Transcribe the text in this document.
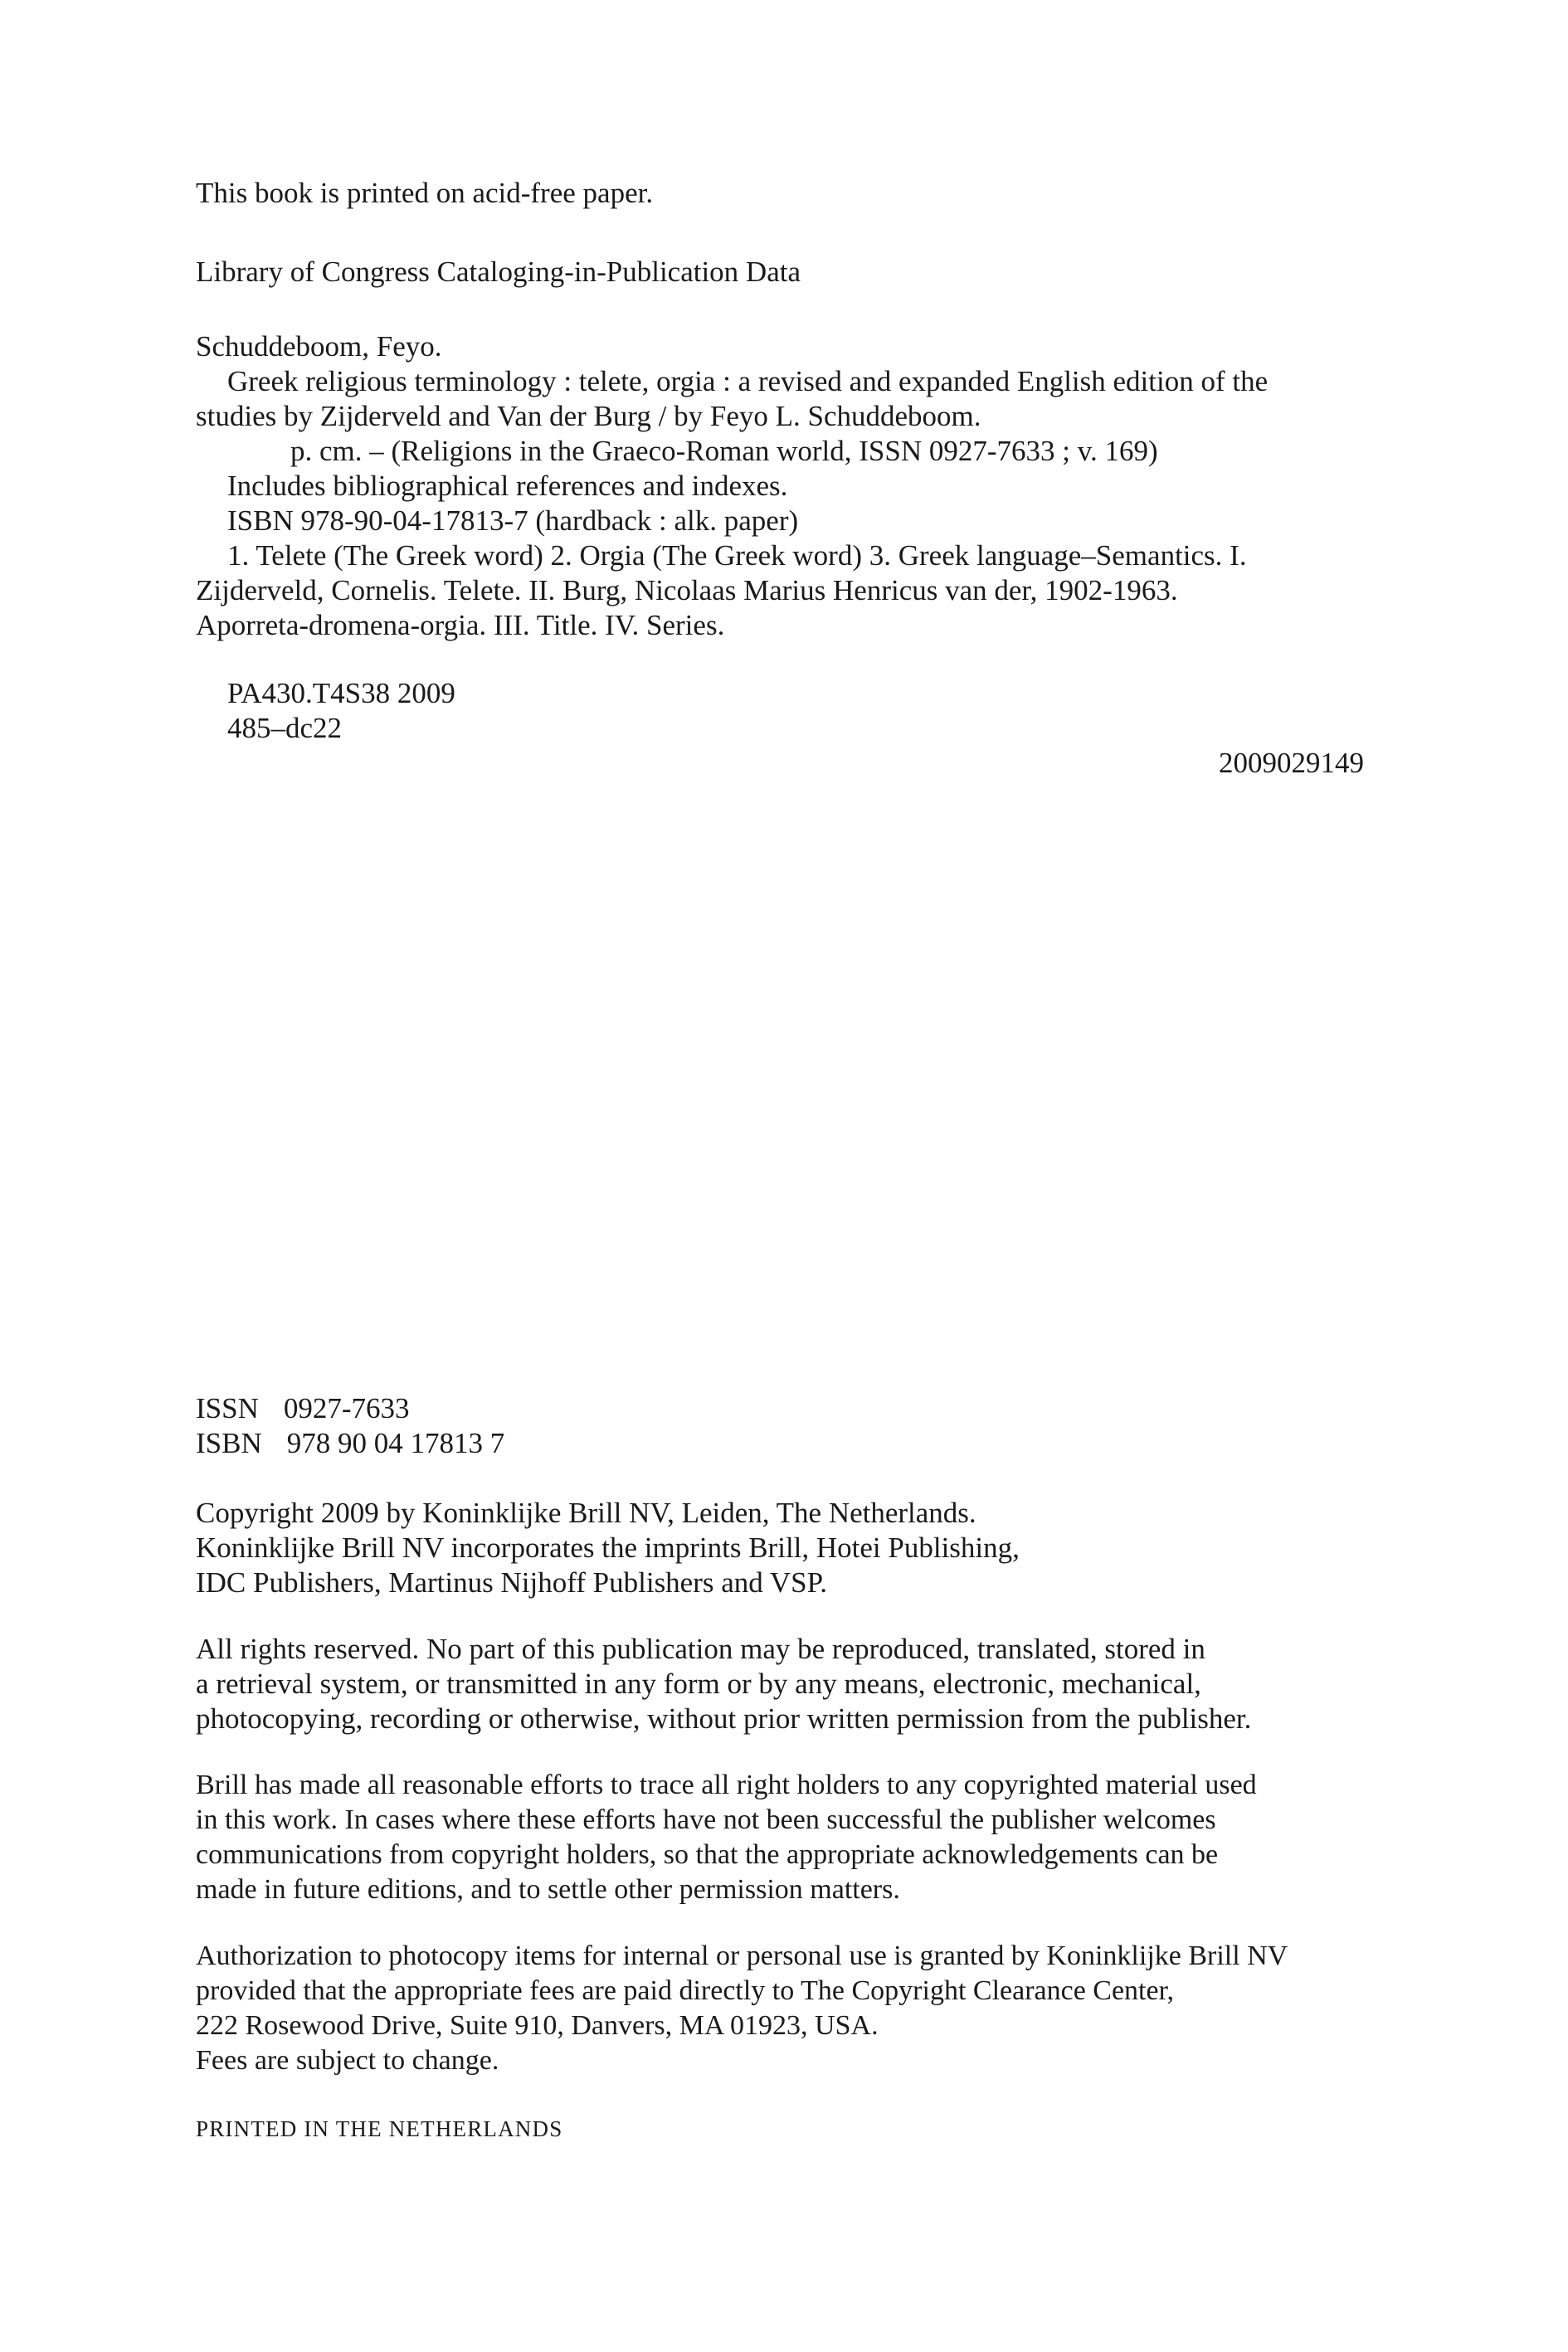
This book is printed on acid-free paper.
Library of Congress Cataloging-in-Publication Data
Schuddeboom, Feyo.
Greek religious terminology : telete, orgia : a revised and expanded English edition of the
studies by Zijderveld and Van der Burg / by Feyo L. Schuddeboom.
p. cm. – (Religions in the Graeco-Roman world, ISSN 0927-7633 ; v. 169)
Includes bibliographical references and indexes.
ISBN 978-90-04-17813-7 (hardback : alk. paper)
1. Telete (The Greek word) 2. Orgia (The Greek word) 3. Greek language–Semantics. I.
Zijderveld, Cornelis. Telete. II. Burg, Nicolaas Marius Henricus van der, 1902-1963.
Aporreta-dromena-orgia. III. Title. IV. Series.
PA430.T4S38 2009
485–dc22
2009029149
ISSN 0927-7633
ISBN 978 90 04 17813 7
Copyright 2009 by Koninklijke Brill NV, Leiden, The Netherlands.
Koninklijke Brill NV incorporates the imprints Brill, Hotei Publishing,
IDC Publishers, Martinus Nijhoff Publishers and VSP.
All rights reserved. No part of this publication may be reproduced, translated, stored in
a retrieval system, or transmitted in any form or by any means, electronic, mechanical,
photocopying, recording or otherwise, without prior written permission from the publisher.
Brill has made all reasonable efforts to trace all right holders to any copyrighted material used
in this work. In cases where these efforts have not been successful the publisher welcomes
communications from copyright holders, so that the appropriate acknowledgements can be
made in future editions, and to settle other permission matters.
Authorization to photocopy items for internal or personal use is granted by Koninklijke Brill NV
provided that the appropriate fees are paid directly to The Copyright Clearance Center,
222 Rosewood Drive, Suite 910, Danvers, MA 01923, USA.
Fees are subject to change.
PRINTED IN THE NETHERLANDS
